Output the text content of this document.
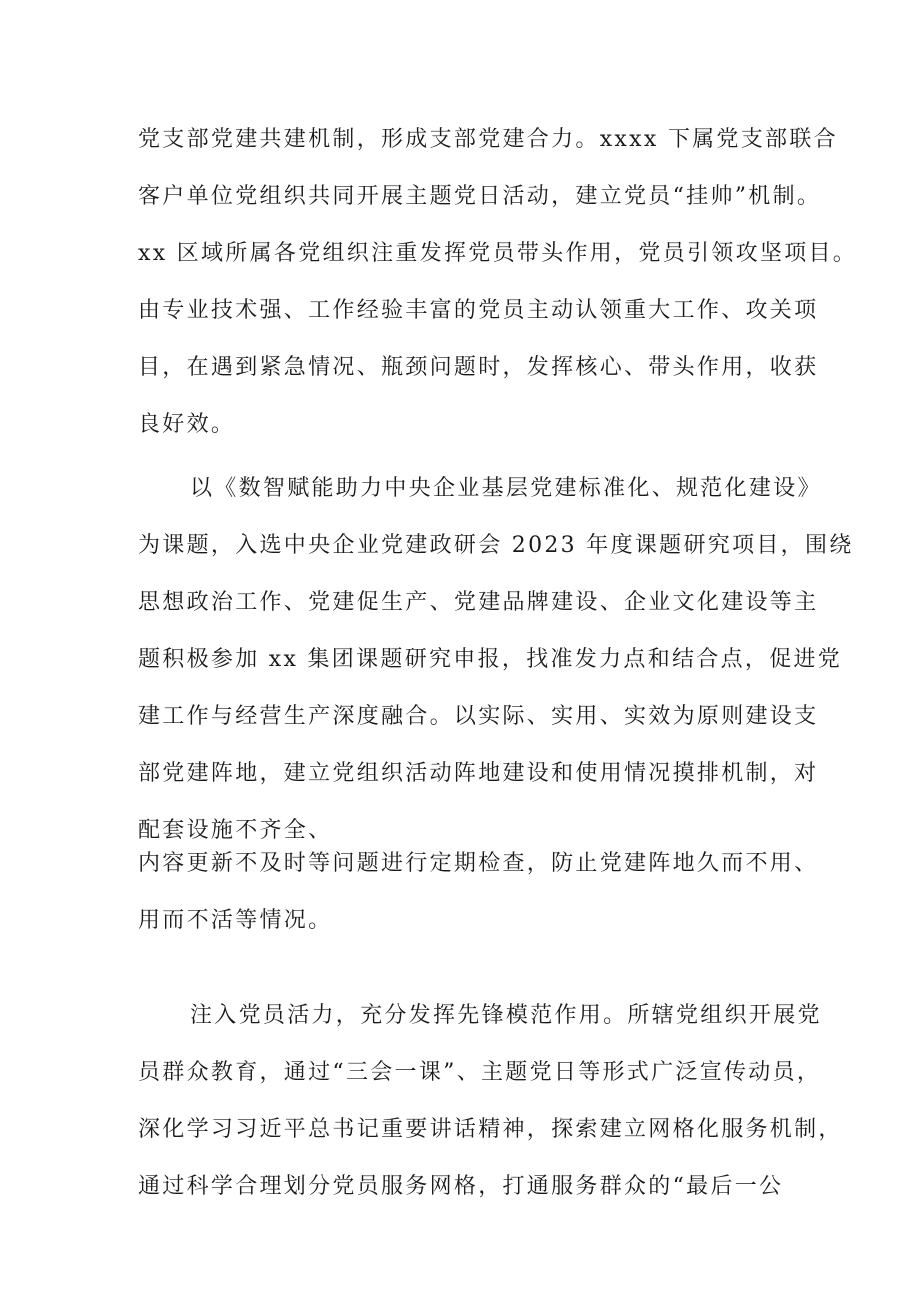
党支部党建共建机制，形成支部党建合力。xxxx 下属党支部联合
客户单位党组织共同开展主题党日活动，建立党员“挂帅”机制。
xx 区域所属各党组织注重发挥党员带头作用，党员引领攻坚项目。
由专业技术强、工作经验丰富的党员主动认领重大工作、攻关项
目，在遇到紧急情况、瓶颈问题时，发挥核心、带头作用，收获
良好效。
以《数智赋能助力中央企业基层党建标准化、规范化建设》
为课题，入选中央企业党建政研会 2023 年度课题研究项目，围绕
思想政治工作、党建促生产、党建品牌建设、企业文化建设等主
题积极参加 xx 集团课题研究申报，找准发力点和结合点，促进党
建工作与经营生产深度融合。以实际、实用、实效为原则建设支
部党建阵地，建立党组织活动阵地建设和使用情况摸排机制，对
配套设施不齐全、
内容更新不及时等问题进行定期检查，防止党建阵地久而不用、
用而不活等情况。
注入党员活力，充分发挥先锋模范作用。所辖党组织开展党
员群众教育，通过“三会一课”、主题党日等形式广泛宣传动员，
深化学习习近平总书记重要讲话精神，探索建立网格化服务机制，
通过科学合理划分党员服务网格，打通服务群众的“最后一公
